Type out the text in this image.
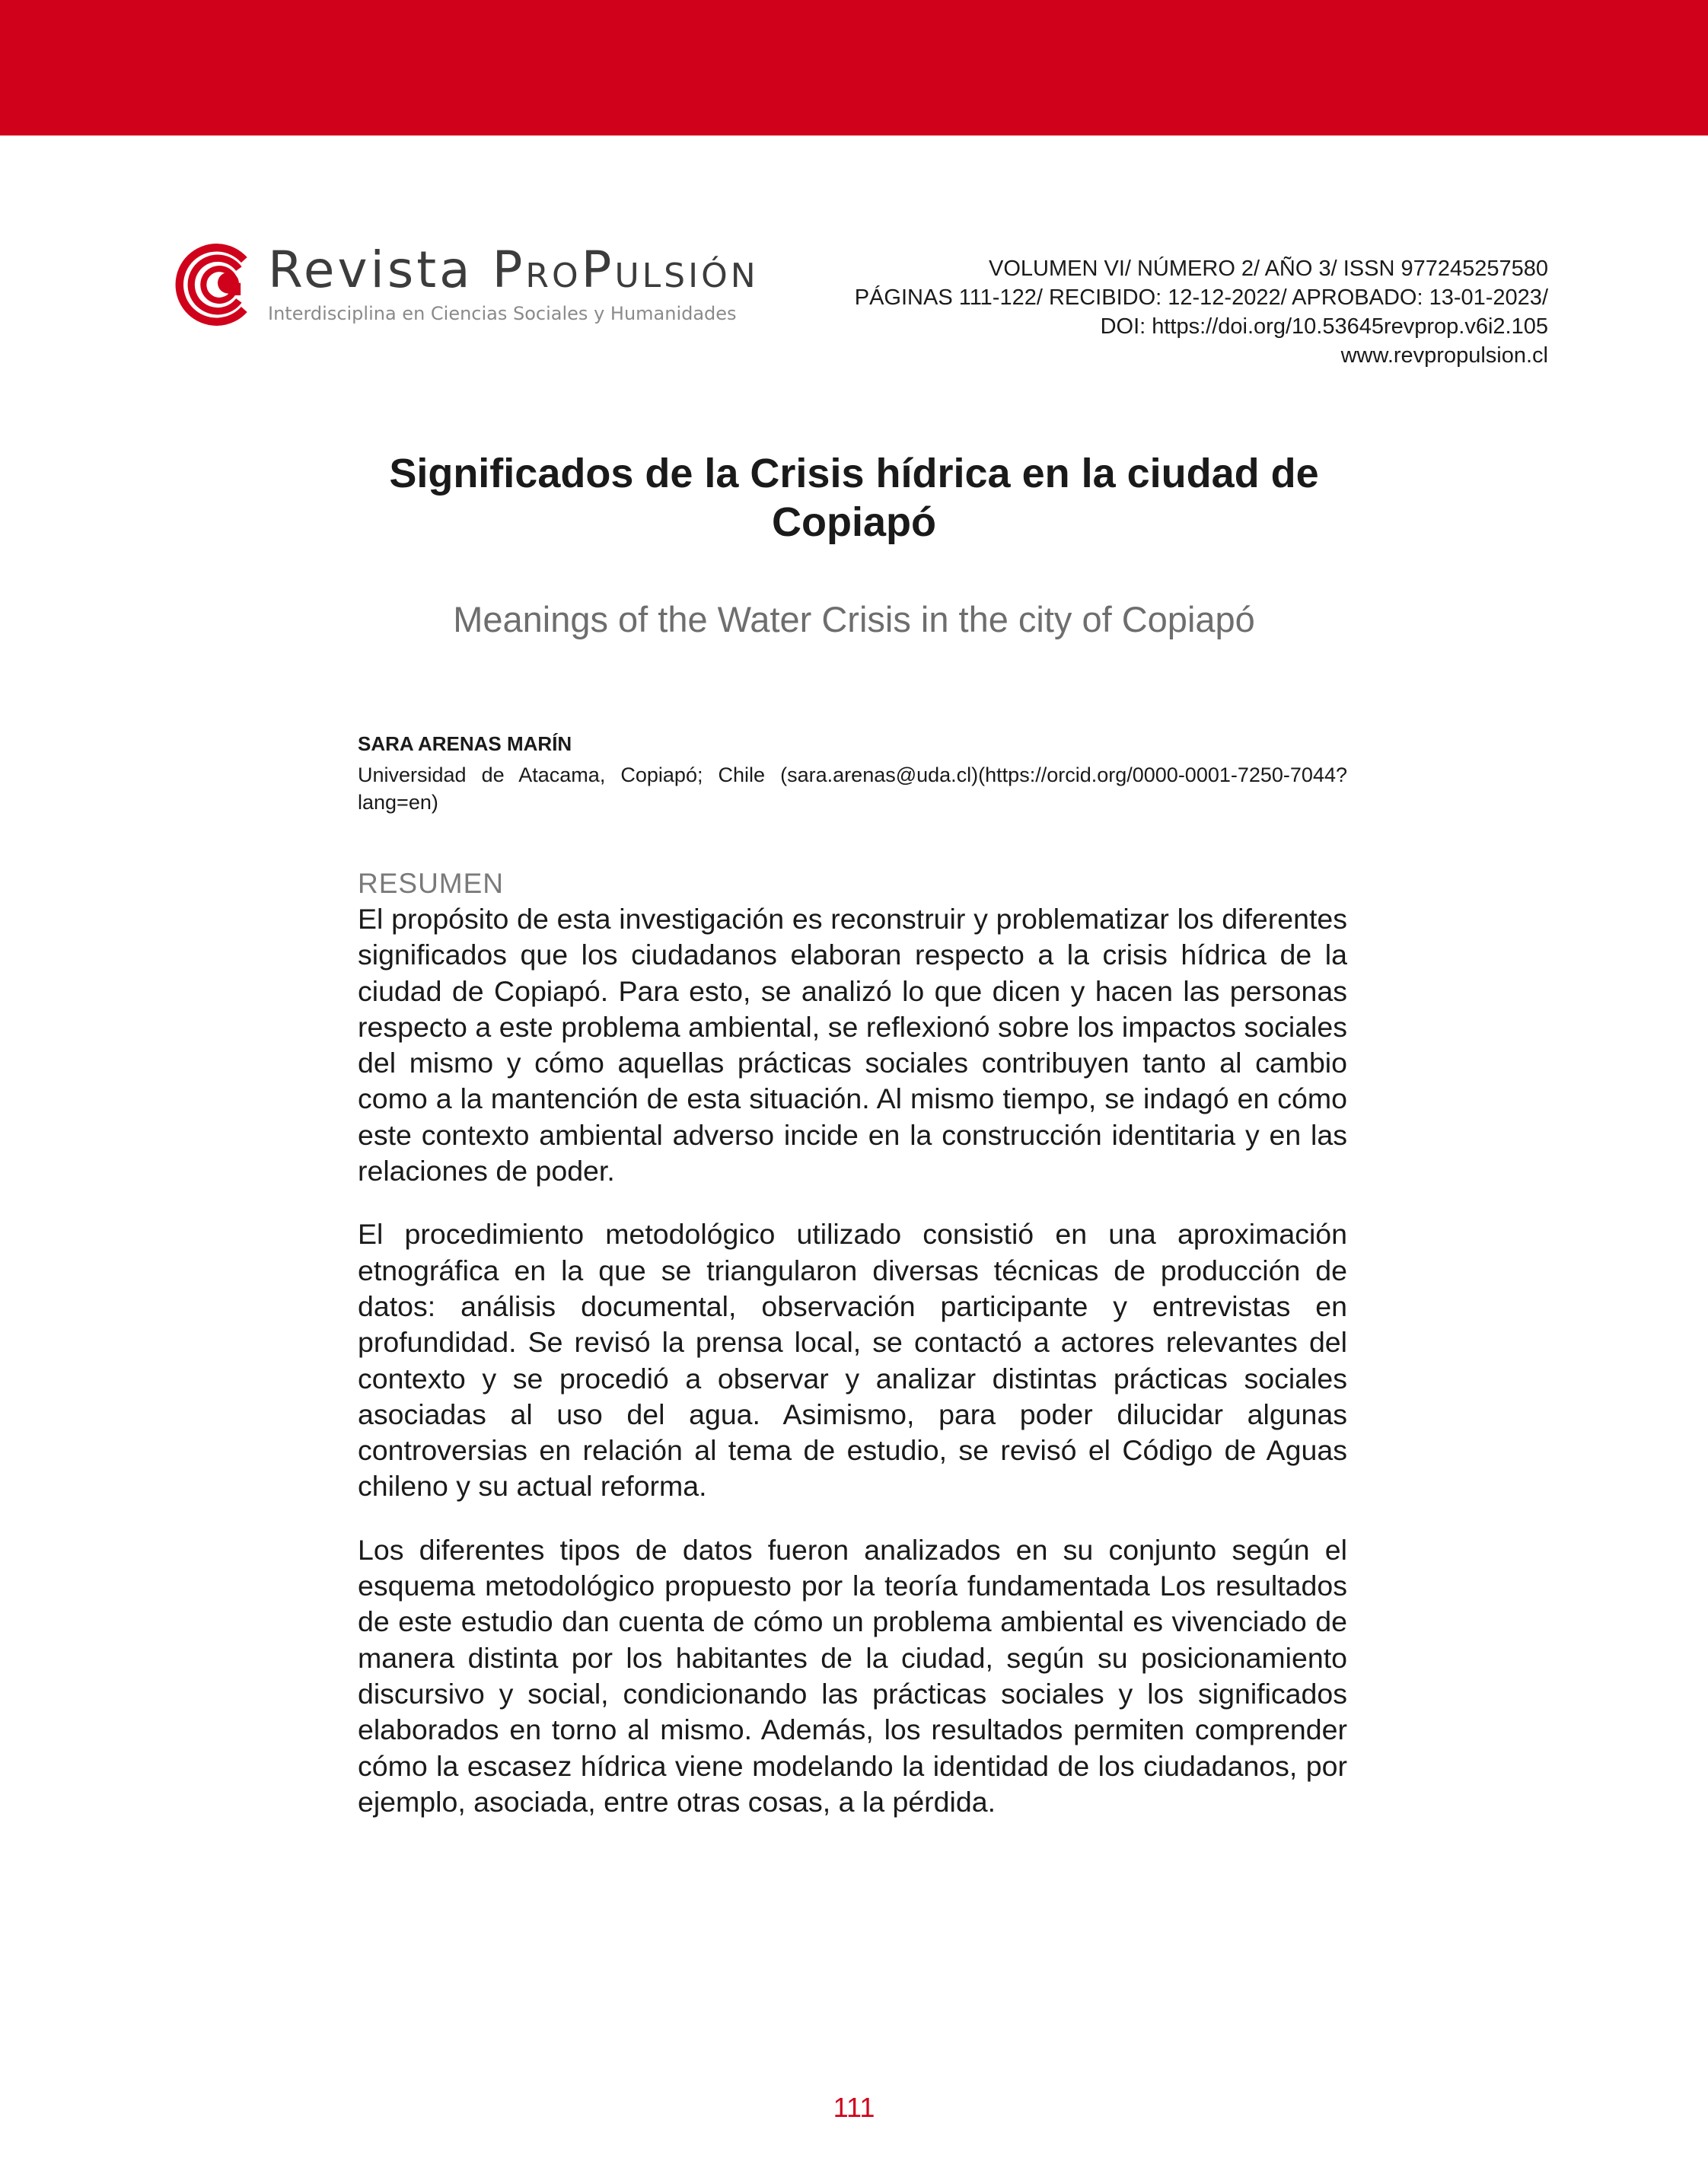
Revista PROPULSIÓN
Interdisciplina en Ciencias Sociales y Humanidades
VOLUMEN VI/ NÚMERO 2/ AÑO 3/ ISSN 977245257580
PÁGINAS 111-122/ RECIBIDO: 12-12-2022/ APROBADO: 13-01-2023/
DOI: https://doi.org/10.53645revprop.v6i2.105
www.revpropulsion.cl
Significados de la Crisis hídrica en la ciudad de Copiapó
Meanings of the Water Crisis in the city of Copiapó
SARA ARENAS MARÍN
Universidad de Atacama, Copiapó; Chile (sara.arenas@uda.cl)(https://orcid.org/0000-0001-7250-7044?lang=en)
RESUMEN

El propósito de esta investigación es reconstruir y problematizar los diferentes significados que los ciudadanos elaboran respecto a la crisis hídrica de la ciudad de Copiapó. Para esto, se analizó lo que dicen y hacen las personas respecto a este problema ambiental, se reflexionó sobre los impactos sociales del mismo y cómo aquellas prácticas sociales contribuyen tanto al cambio como a la mantención de esta situación. Al mismo tiempo, se indagó en cómo este contexto ambiental adverso incide en la construcción identitaria y en las relaciones de poder.

El procedimiento metodológico utilizado consistió en una aproximación etnográfica en la que se triangularon diversas técnicas de producción de datos: análisis documental, observación participante y entrevistas en profundidad. Se revisó la prensa local, se contactó a actores relevantes del contexto y se procedió a observar y analizar distintas prácticas sociales asociadas al uso del agua. Asimismo, para poder dilucidar algunas controversias en relación al tema de estudio, se revisó el Código de Aguas chileno y su actual reforma.

Los diferentes tipos de datos fueron analizados en su conjunto según el esquema metodológico propuesto por la teoría fundamentada Los resultados de este estudio dan cuenta de cómo un problema ambiental es vivenciado de manera distinta por los habitantes de la ciudad, según su posicionamiento discursivo y social, condicionando las prácticas sociales y los significados elaborados en torno al mismo. Además, los resultados permiten comprender cómo la escasez hídrica viene modelando la identidad de los ciudadanos, por ejemplo, asociada, entre otras cosas, a la pérdida.

111
